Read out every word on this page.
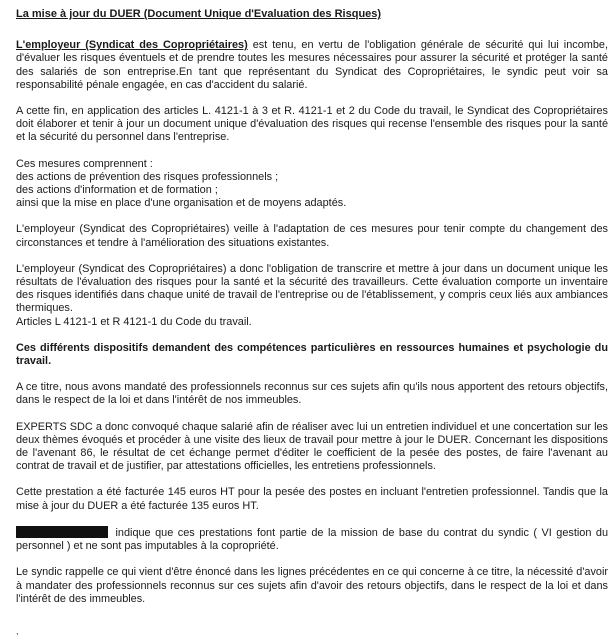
La mise à jour du DUER (Document Unique d'Evaluation des Risques)

L'employeur (Syndicat des Copropriétaires) est tenu, en vertu de l'obligation générale de sécurité qui lui incombe, d'évaluer les risques éventuels et de prendre toutes les mesures nécessaires pour assurer la sécurité et protéger la santé des salariés de son entreprise.En tant que représentant du Syndicat des Copropriétaires, le syndic peut voir sa responsabilité pénale engagée, en cas d'accident du salarié.

A cette fin, en application des articles L. 4121-1 à 3 et R. 4121-1 et 2 du Code du travail, le Syndicat des Copropriétaires doit élaborer et tenir à jour un document unique d'évaluation des risques qui recense l'ensemble des risques pour la santé et la sécurité du personnel dans l'entreprise.

Ces mesures comprennent :
des actions de prévention des risques professionnels ;
des actions d'information et de formation ;
ainsi que la mise en place d'une organisation et de moyens adaptés.

L'employeur (Syndicat des Copropriétaires) veille à l'adaptation de ces mesures pour tenir compte du changement des circonstances et tendre à l'amélioration des situations existantes.

L'employeur (Syndicat des Copropriétaires) a donc l'obligation de transcrire et mettre à jour dans un document unique les résultats de l'évaluation des risques pour la santé et la sécurité des travailleurs. Cette évaluation comporte un inventaire des risques identifiés dans chaque unité de travail de l'entreprise ou de l'établissement, y compris ceux liés aux ambiances thermiques.
Articles L 4121-1 et R 4121-1 du Code du travail.

Ces différents dispositifs demandent des compétences particulières en ressources humaines et psychologie du travail.

A ce titre, nous avons mandaté des professionnels reconnus sur ces sujets afin qu'ils nous apportent des retours objectifs, dans le respect de la loi et dans l'intérêt de nos immeubles.

EXPERTS SDC a donc convoqué chaque salarié afin de réaliser avec lui un entretien individuel et une concertation sur les deux thèmes évoqués et procéder à une visite des lieux de travail pour mettre à jour le DUER. Concernant les dispositions de l'avenant 86, le résultat de cet échange permet d'éditer le coefficient de la pesée des postes, de faire l'avenant au contrat de travail et de justifier, par attestations officielles, les entretiens professionnels.

Cette prestation a été facturée 145 euros HT pour la pesée des postes en incluant l'entretien professionnel. Tandis que la mise à jour du DUER a été facturée 135 euros HT.

indique que ces prestations font partie de la mission de base du contrat du syndic ( VI gestion du personnel ) et ne sont pas imputables à la copropriété.

Le syndic rappelle ce qui vient d'être énoncé dans les lignes précédentes en ce qui concerne à ce titre, la nécessité d'avoir à mandater des professionnels reconnus sur ces sujets afin d'avoir des retours objectifs, dans le respect de la loi et dans l'intérêt de des immeubles.

,
